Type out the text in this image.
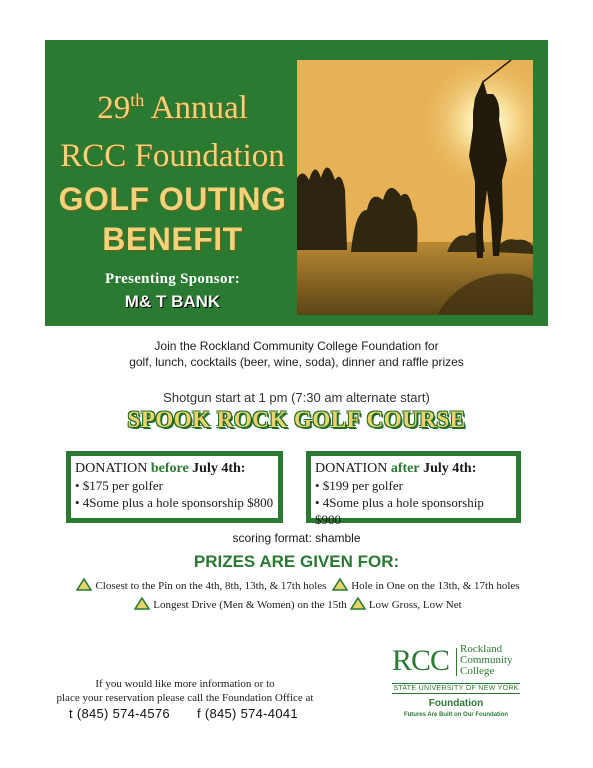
29th Annual
RCC Foundation
GOLF OUTING
BENEFIT
Presenting Sponsor:
M& T BANK
Join the Rockland Community College Foundation for
golf, lunch, cocktails (beer, wine, soda), dinner and raffle prizes
Shotgun start at 1 pm (7:30 am alternate start)
SPOOK ROCK GOLF COURSE
DONATION before July 4th:
• $175 per golfer
• 4Some plus a hole sponsorship $800
DONATION after July 4th:
• $199 per golfer
• 4Some plus a hole sponsorship $900
scoring format: shamble
PRIZES ARE GIVEN FOR:
Closest to the Pin on the 4th, 8th, 13th, & 17th holes Hole in One on the 13th, & 17th holes
Longest Drive (Men & Women) on the 15th Low Gross, Low Net
If you would like more information or to
place your reservation please call the Foundation Office at
t (845) 574-4576 f (845) 574-4041
RCC Rockland
Community
College
STATE UNIVERSITY OF NEW YORK
Foundation
Futures Are Built on Our Foundation
